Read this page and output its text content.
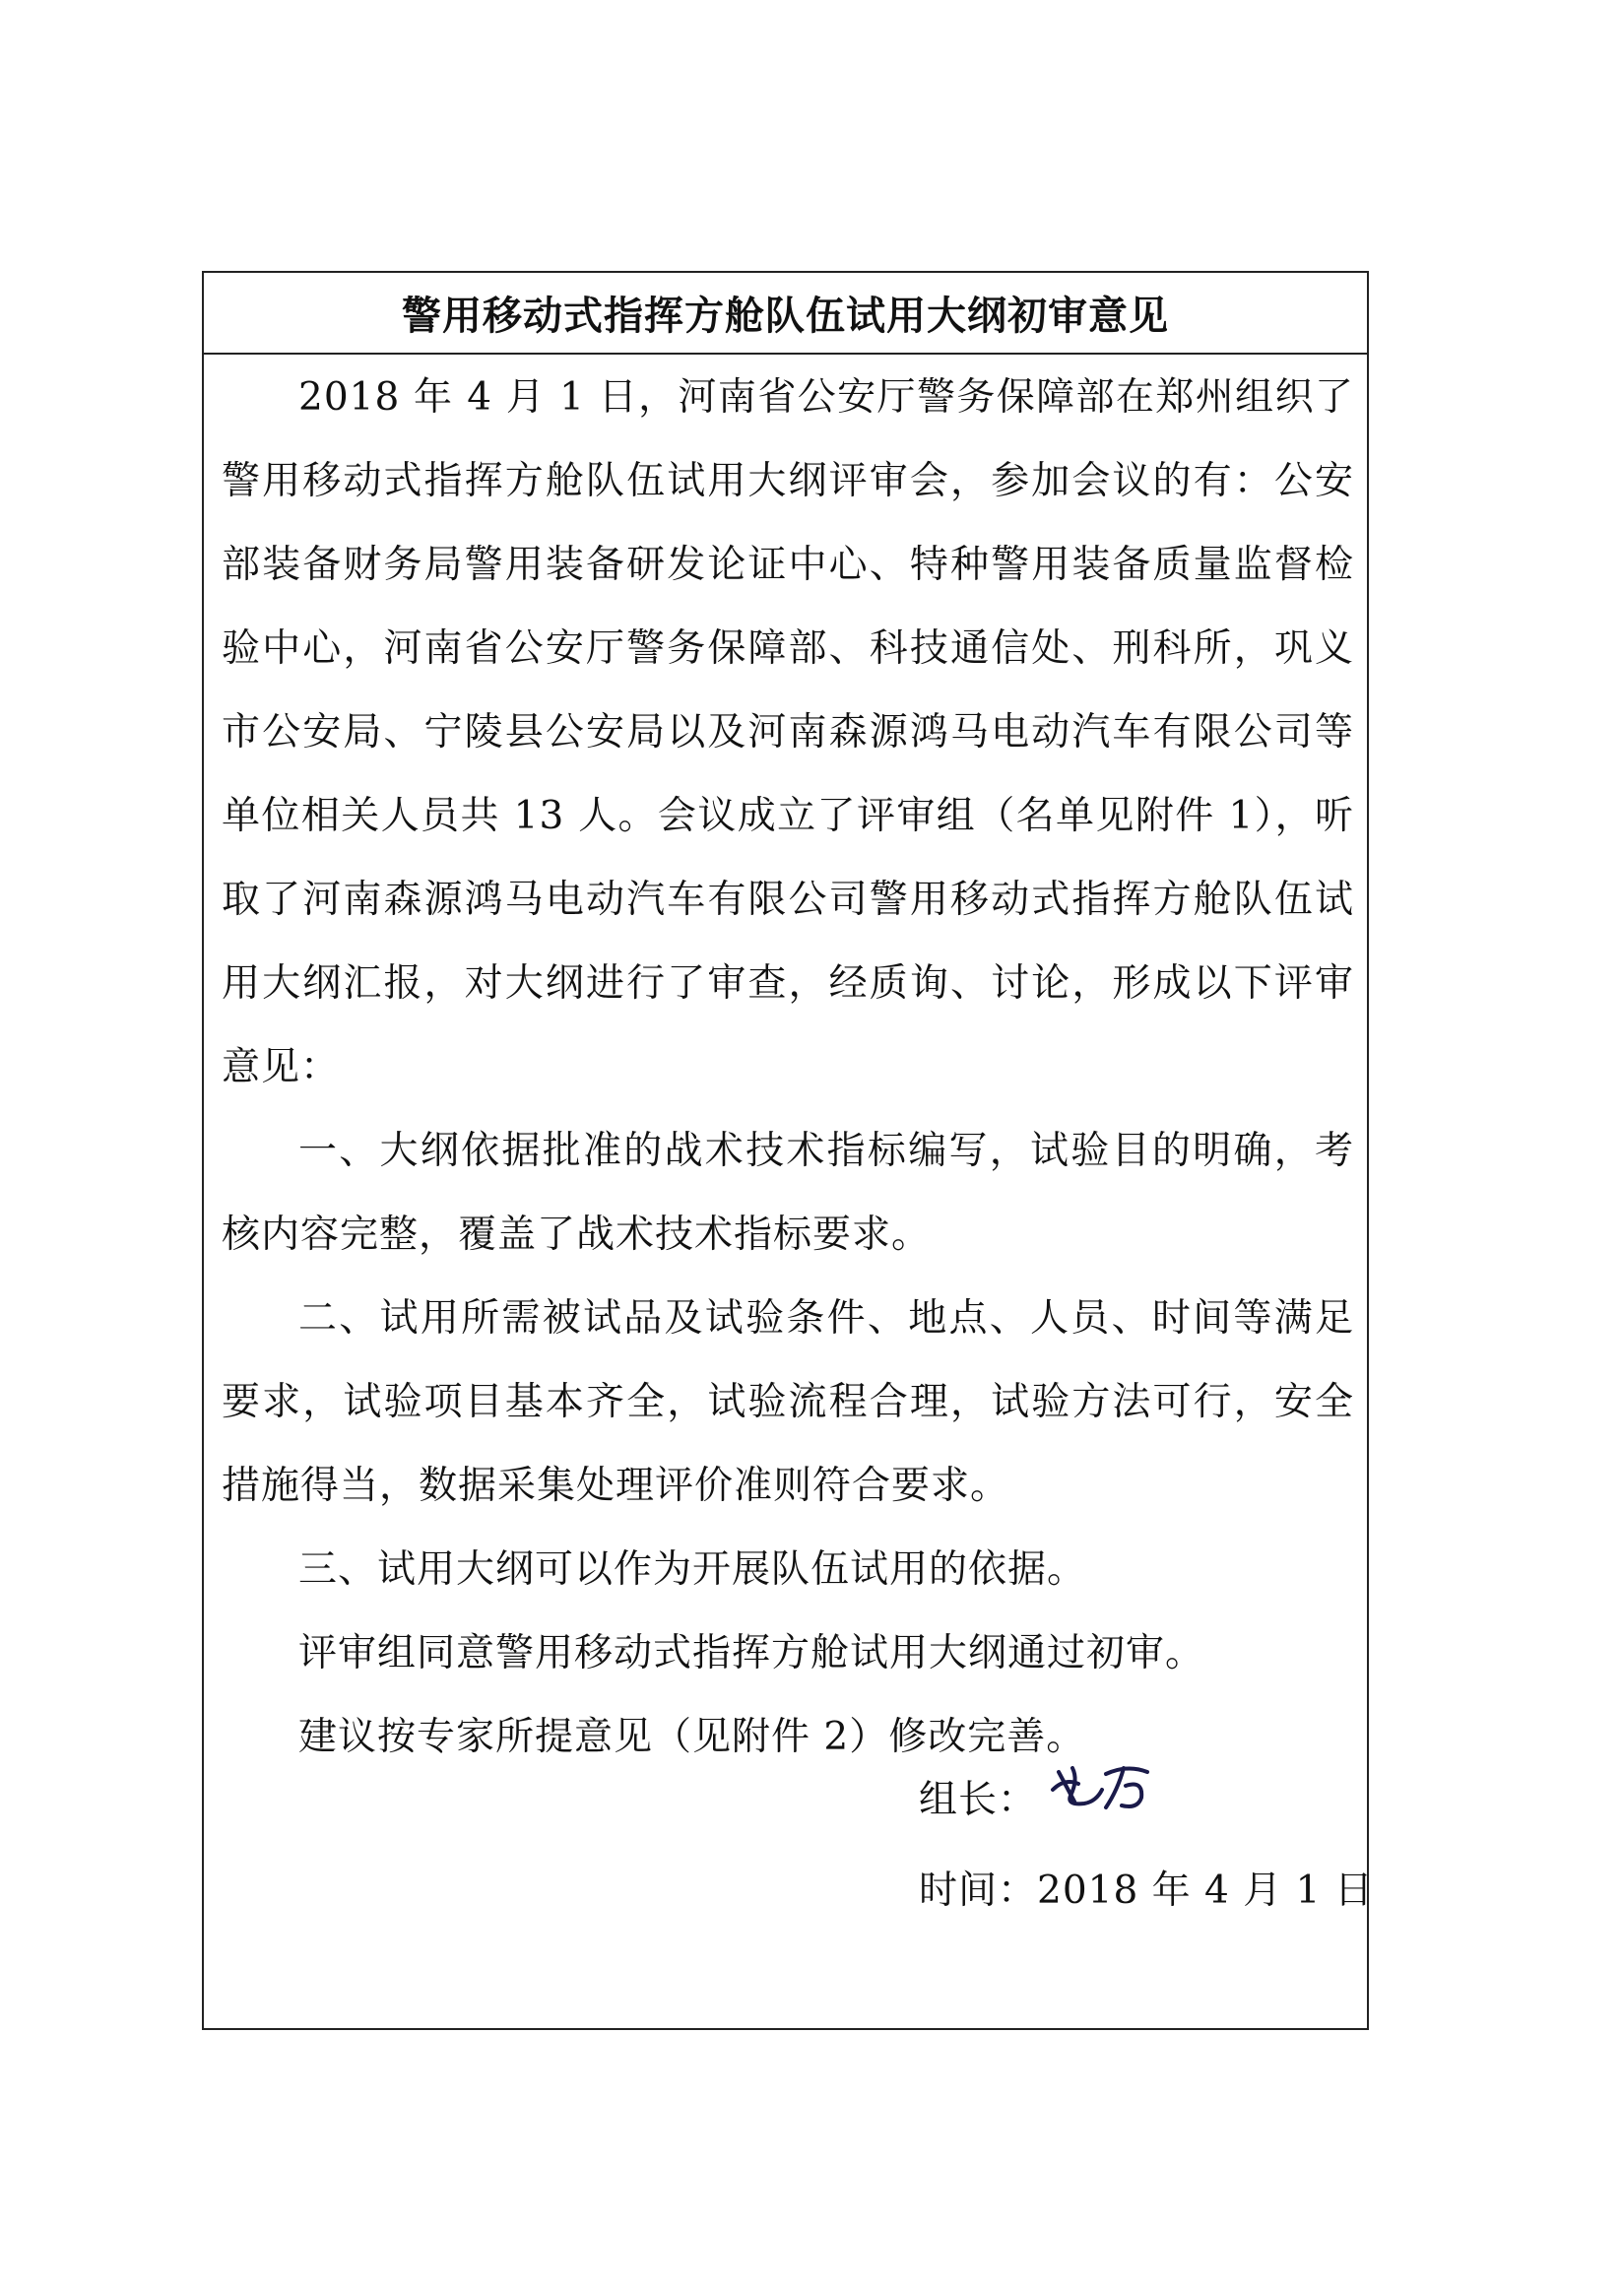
警用移动式指挥方舱队伍试用大纲初审意见

2018 年 4 月 1 日，河南省公安厅警务保障部在郑州组织了警用移动式指挥方舱队伍试用大纲评审会，参加会议的有：公安部装备财务局警用装备研发论证中心、特种警用装备质量监督检验中心，河南省公安厅警务保障部、科技通信处、刑科所，巩义市公安局、宁陵县公安局以及河南森源鸿马电动汽车有限公司等单位相关人员共 13 人。会议成立了评审组（名单见附件 1），听取了河南森源鸿马电动汽车有限公司警用移动式指挥方舱队伍试用大纲汇报，对大纲进行了审查，经质询、讨论，形成以下评审意见：

一、大纲依据批准的战术技术指标编写，试验目的明确，考核内容完整，覆盖了战术技术指标要求。

二、试用所需被试品及试验条件、地点、人员、时间等满足要求，试验项目基本齐全，试验流程合理，试验方法可行，安全措施得当，数据采集处理评价准则符合要求。

三、试用大纲可以作为开展队伍试用的依据。

评审组同意警用移动式指挥方舱试用大纲通过初审。

建议按专家所提意见（见附件 2）修改完善。

组长：
时间：2018 年 4 月 1 日
